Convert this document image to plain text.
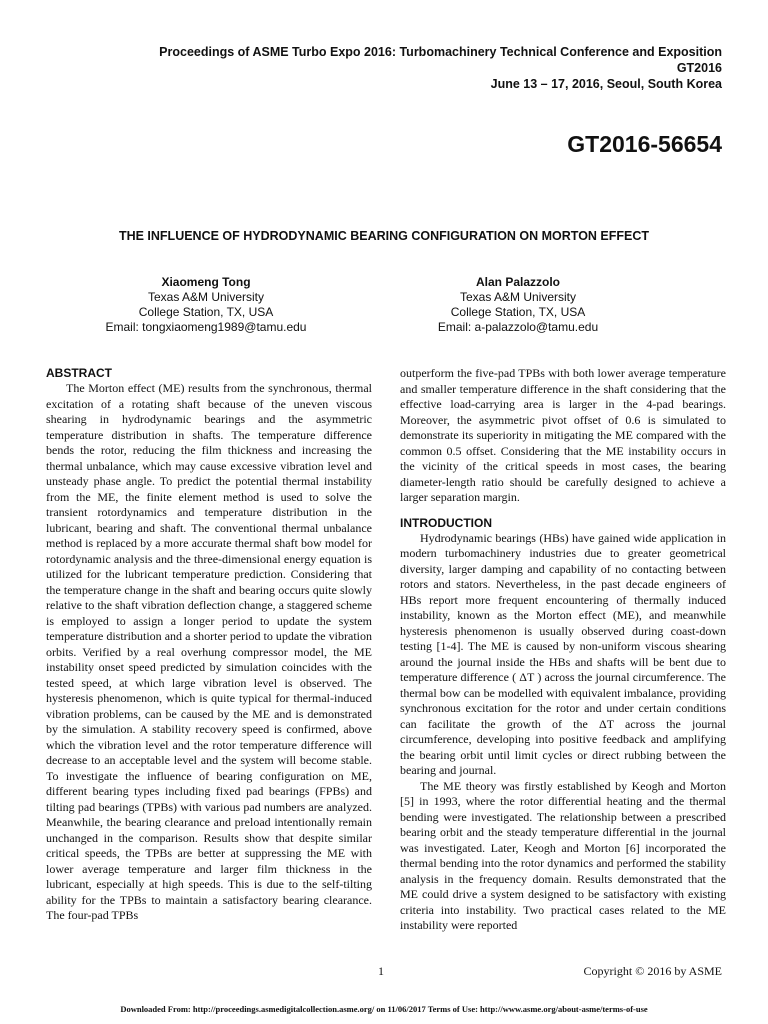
Proceedings of ASME Turbo Expo 2016: Turbomachinery Technical Conference and Exposition
GT2016
June 13 – 17, 2016, Seoul, South Korea
GT2016-56654
THE INFLUENCE OF HYDRODYNAMIC BEARING CONFIGURATION ON MORTON EFFECT
Xiaomeng Tong
Texas A&M University
College Station, TX, USA
Email: tongxiaomeng1989@tamu.edu
Alan Palazzolo
Texas A&M University
College Station, TX, USA
Email: a-palazzolo@tamu.edu
ABSTRACT

The Morton effect (ME) results from the synchronous, thermal excitation of a rotating shaft because of the uneven viscous shearing in hydrodynamic bearings and the asymmetric temperature distribution in shafts. The temperature difference bends the rotor, reducing the film thickness and increasing the thermal unbalance, which may cause excessive vibration level and unsteady phase angle. To predict the potential thermal instability from the ME, the finite element method is used to solve the transient rotordynamics and temperature distribution in the lubricant, bearing and shaft. The conventional thermal unbalance method is replaced by a more accurate thermal shaft bow model for rotordynamic analysis and the three-dimensional energy equation is utilized for the lubricant temperature prediction. Considering that the temperature change in the shaft and bearing occurs quite slowly relative to the shaft vibration deflection change, a staggered scheme is employed to assign a longer period to update the system temperature distribution and a shorter period to update the vibration orbits. Verified by a real overhung compressor model, the ME instability onset speed predicted by simulation coincides with the tested speed, at which large vibration level is observed. The hysteresis phenomenon, which is quite typical for thermal-induced vibration problems, can be caused by the ME and is demonstrated by the simulation. A stability recovery speed is confirmed, above which the vibration level and the rotor temperature difference will decrease to an acceptable level and the system will become stable. To investigate the influence of bearing configuration on ME, different bearing types including fixed pad bearings (FPBs) and tilting pad bearings (TPBs) with various pad numbers are analyzed. Meanwhile, the bearing clearance and preload intentionally remain unchanged in the comparison. Results show that despite similar critical speeds, the TPBs are better at suppressing the ME with lower average temperature and larger film thickness in the lubricant, especially at high speeds. This is due to the self-tilting ability for the TPBs to maintain a satisfactory bearing clearance. The four-pad TPBs

outperform the five-pad TPBs with both lower average temperature and smaller temperature difference in the shaft considering that the effective load-carrying area is larger in the 4-pad bearings. Moreover, the asymmetric pivot offset of 0.6 is simulated to demonstrate its superiority in mitigating the ME compared with the common 0.5 offset. Considering that the ME instability occurs in the vicinity of the critical speeds in most cases, the bearing diameter-length ratio should be carefully designed to achieve a larger separation margin.

INTRODUCTION

Hydrodynamic bearings (HBs) have gained wide application in modern turbomachinery industries due to greater geometrical diversity, larger damping and capability of no contacting between rotors and stators. Nevertheless, in the past decade engineers of HBs report more frequent encountering of thermally induced instability, known as the Morton effect (ME), and meanwhile hysteresis phenomenon is usually observed during coast-down testing [1-4]. The ME is caused by non-uniform viscous shearing around the journal inside the HBs and shafts will be bent due to temperature difference ( ΔT ) across the journal circumference. The thermal bow can be modelled with equivalent imbalance, providing synchronous excitation for the rotor and under certain conditions can facilitate the growth of the ΔT across the journal circumference, developing into positive feedback and amplifying the bearing orbit until limit cycles or direct rubbing between the bearing and journal.

The ME theory was firstly established by Keogh and Morton [5] in 1993, where the rotor differential heating and the thermal bending were investigated. The relationship between a prescribed bearing orbit and the steady temperature differential in the journal was investigated. Later, Keogh and Morton [6] incorporated the thermal bending into the rotor dynamics and performed the stability analysis in the frequency domain. Results demonstrated that the ME could drive a system designed to be satisfactory with existing criteria into instability. Two practical cases related to the ME instability were reported

1	Copyright © 2016 by ASME
Downloaded From: http://proceedings.asmedigitalcollection.asme.org/ on 11/06/2017 Terms of Use: http://www.asme.org/about-asme/terms-of-use
